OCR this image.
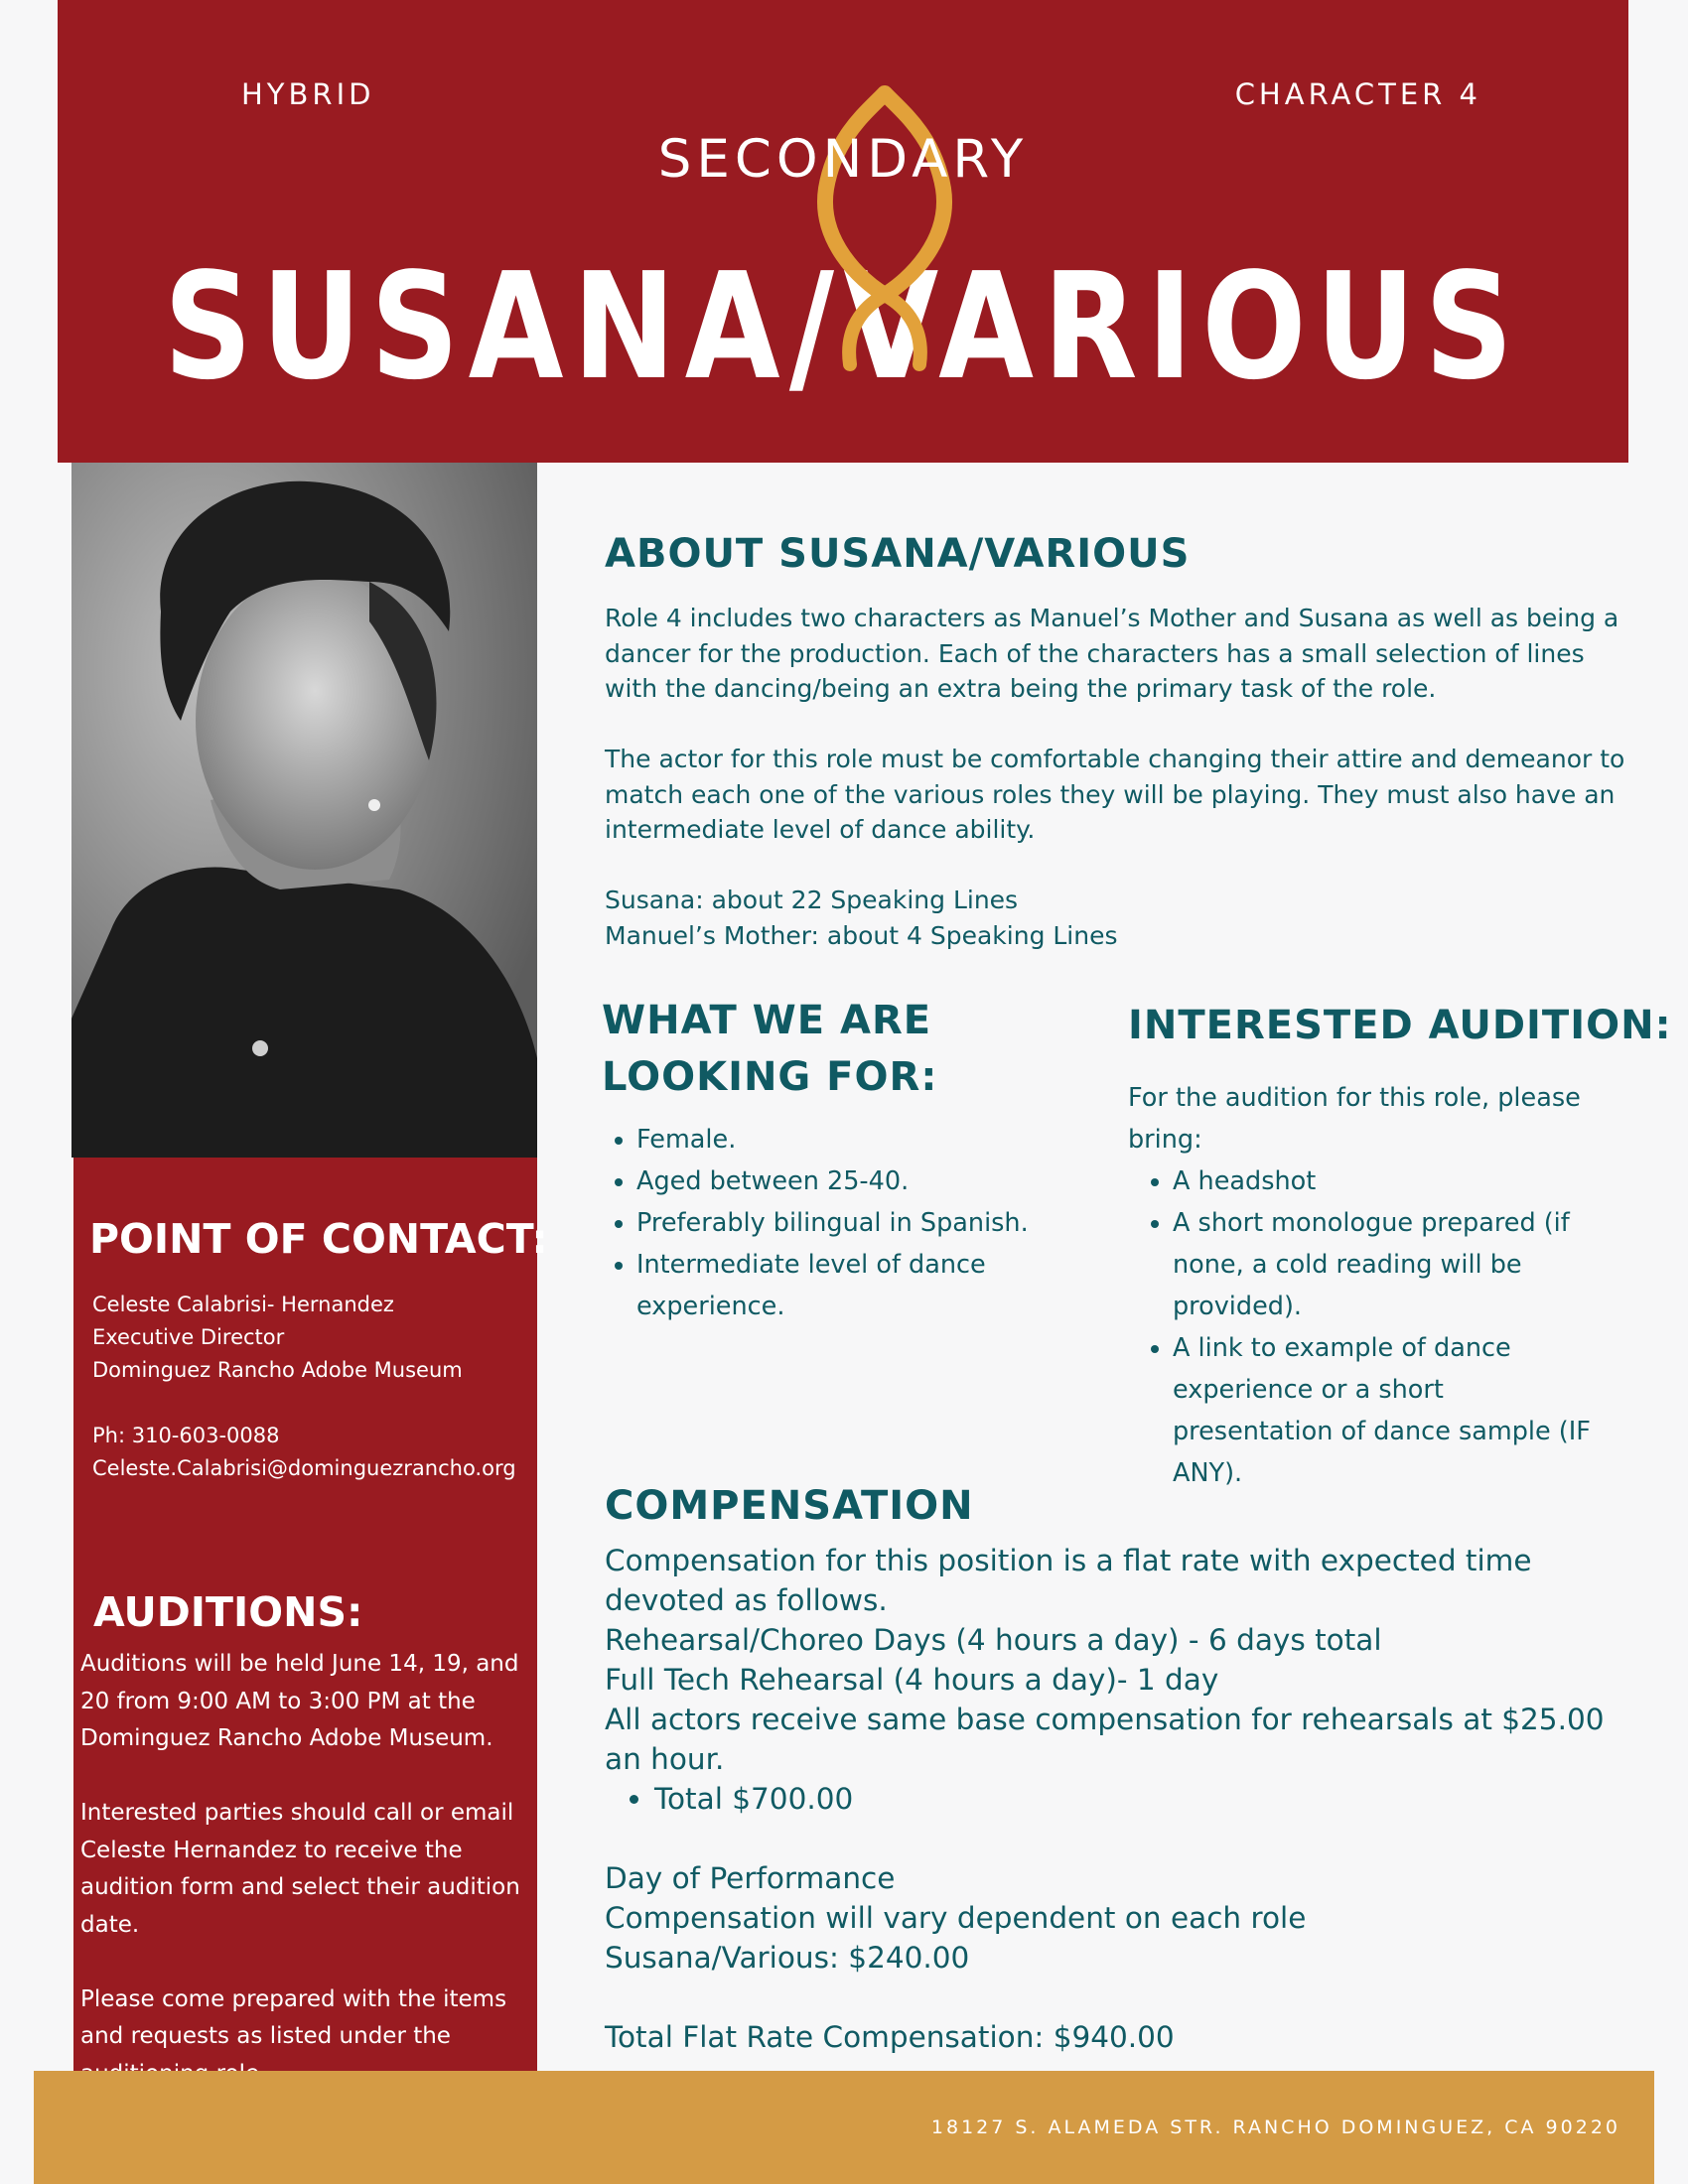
HYBRID	CHARACTER 4
SECONDARY
SUSANA/VARIOUS
POINT OF CONTACT:
Celeste Calabrisi- Hernandez
Executive Director
Dominguez Rancho Adobe Museum
Ph: 310-603-0088
Celeste.Calabrisi@dominguezrancho.org
AUDITIONS:

Auditions will be held June 14, 19, and 20 from 9:00 AM to 3:00 PM at the Dominguez Rancho Adobe Museum.

Interested parties should call or email Celeste Hernandez to receive the audition form and select their audition date.

Please come prepared with the items and requests as listed under the

ABOUT SUSANA/VARIOUS

Role 4 includes two characters as Manuel’s Mother and Susana as well as being a dancer for the production. Each of the characters has a small selection of lines with the dancing/being an extra being the primary task of the role.

The actor for this role must be comfortable changing their attire and demeanor to match each one of the various roles they will be playing. They must also have an intermediate level of dance ability.

Susana: about 22 Speaking Lines
Manuel’s Mother: about 4 Speaking Lines
WHAT WE ARE
LOOKING FOR:
• Female.
• Aged between 25-40.
• Preferably bilingual in Spanish.
• Intermediate level of dance experience.
INTERESTED AUDITION:
For the audition for this role, please bring:
• A headshot
• A short monologue prepared (if none, a cold reading will be provided).
• A link to example of dance experience or a short presentation of dance sample (IF ANY).
COMPENSATION
Compensation for this position is a flat rate with expected time devoted as follows.
Rehearsal/Choreo Days (4 hours a day) - 6 days total
Full Tech Rehearsal (4 hours a day)- 1 day
All actors receive same base compensation for rehearsals at $25.00 an hour.
• Total $700.00
Day of Performance
Compensation will vary dependent on each role
Susana/Various: $240.00
Total Flat Rate Compensation: $940.00
18127 S. ALAMEDA STR. RANCHO DOMINGUEZ, CA 90220
